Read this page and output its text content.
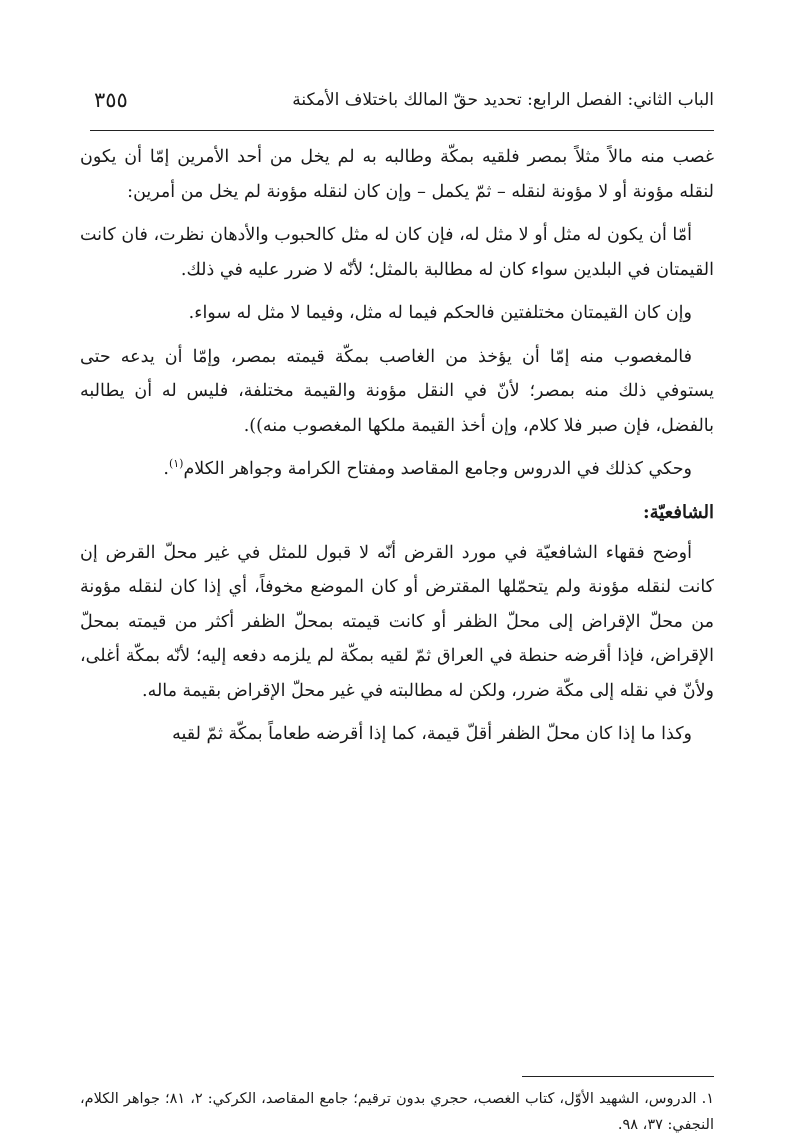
الباب الثاني: الفصل الرابع: تحديد حقّ المالك باختلاف الأمكنة
٣٥٥

غصب منه مالاً مثلاً بمصر فلقيه بمكّة وطالبه به لم يخل من أحد الأمرين إمّا أن يكون لنقله مؤونة أو لا مؤونة لنقله – ثمّ يكمل – وإن كان لنقله مؤونة لم يخل من أمرين:

أمّا أن يكون له مثل أو لا مثل له، فإن كان له مثل كالحبوب والأدهان نظرت، فان كانت القيمتان في البلدين سواء كان له مطالبة بالمثل؛ لأنّه لا ضرر عليه في ذلك.

وإن كان القيمتان مختلفتين فالحكم فيما له مثل، وفيما لا مثل له سواء.

فالمغصوب منه إمّا أن يؤخذ من الغاصب بمكّة قيمته بمصر، وإمّا أن يدعه حتى يستوفي ذلك منه بمصر؛ لأنّ في النقل مؤونة والقيمة مختلفة، فليس له أن يطالبه بالفضل، فإن صبر فلا كلام، وإن أخذ القيمة ملكها المغصوب منه)).

وحكي كذلك في الدروس وجامع المقاصد ومفتاح الكرامة وجواهر الكلام$^{(١)}$.

الشافعيّة:

أوضح فقهاء الشافعيّة في مورد القرض أنّه لا قبول للمثل في غير محلّ القرض إن كانت لنقله مؤونة ولم يتحمّلها المقترض أو كان الموضع مخوفاً، أي إذا كان لنقله مؤونة من محلّ الإقراض إلى محلّ الظفر أو كانت قيمته بمحلّ الظفر أكثر من قيمته بمحلّ الإقراض، فإذا أقرضه حنطة في العراق ثمّ لقيه بمكّة لم يلزمه دفعه إليه؛ لأنّه بمكّة أغلى، ولأنّ في نقله إلى مكّة ضرر، ولكن له مطالبته في غير محلّ الإقراض بقيمة ماله.

وكذا ما إذا كان محلّ الظفر أقلّ قيمة، كما إذا أقرضه طعاماً بمكّة ثمّ لقيه

١. الدروس، الشهيد الأوّل، كتاب الغصب، حجري بدون ترقيم؛ جامع المقاصد، الكركي: ٢، ٨١؛ جواهر الكلام، النجفي: ٣٧، ٩٨.
